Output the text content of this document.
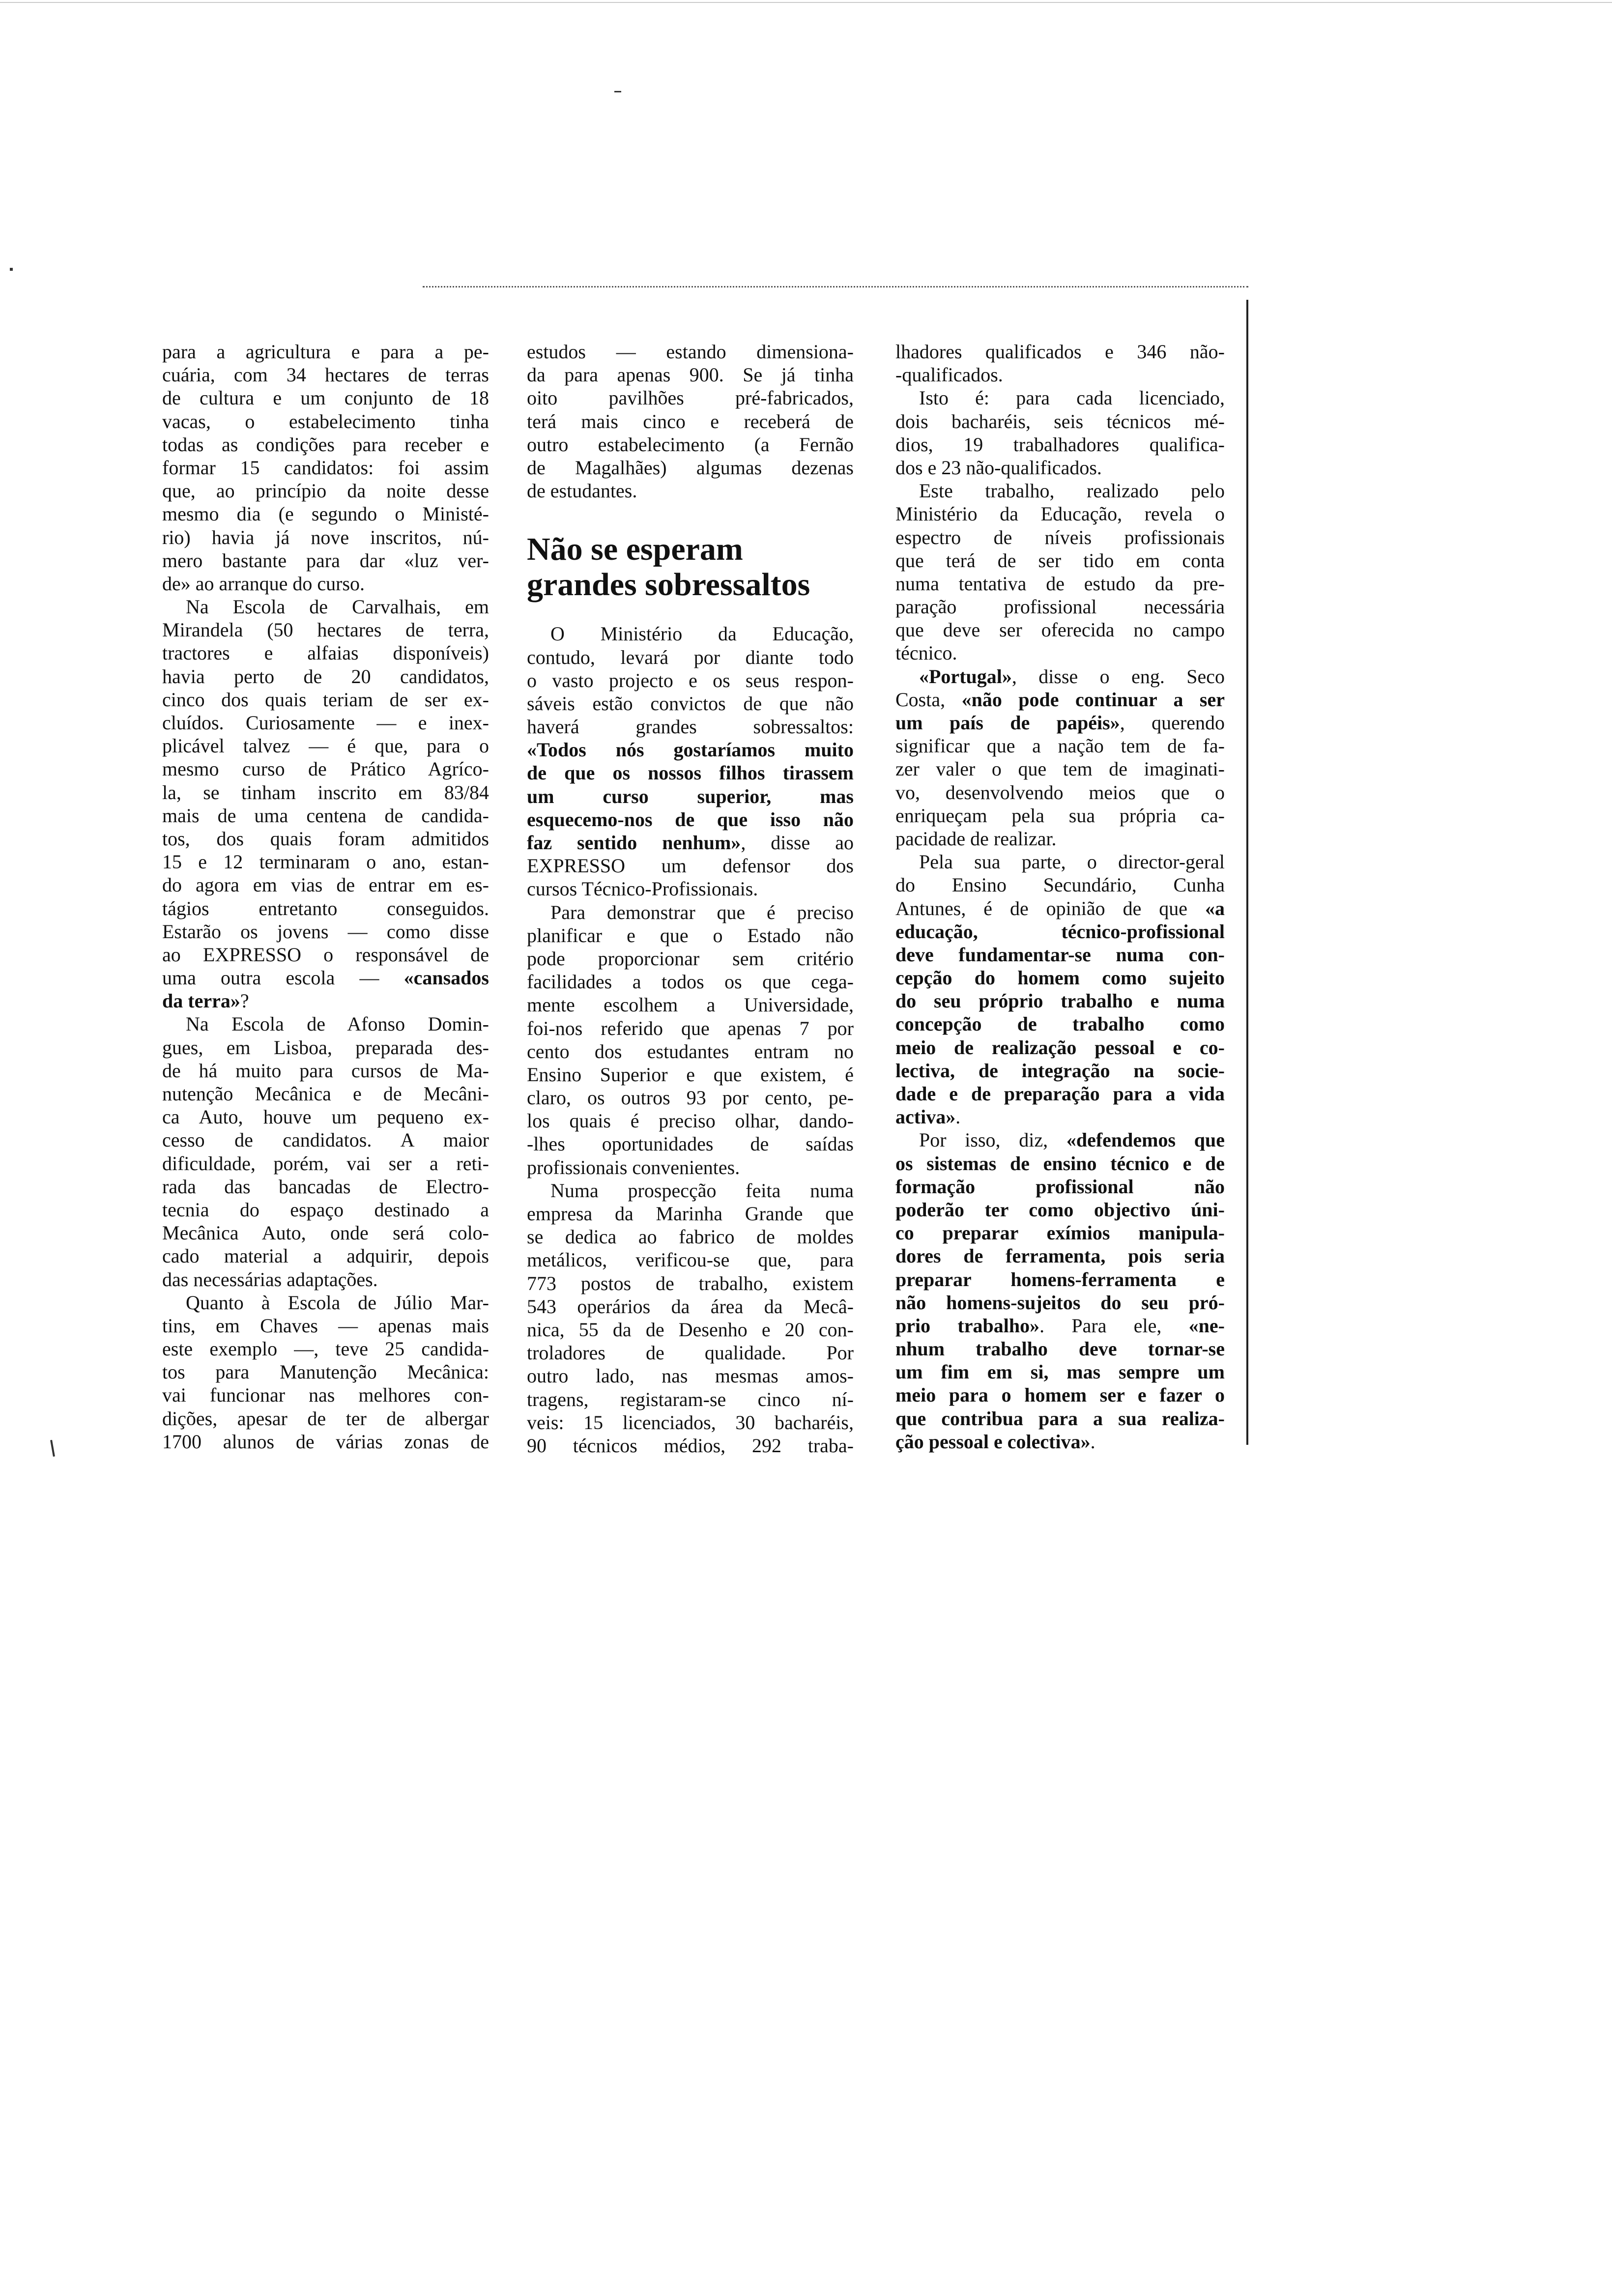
para a agricultura e para a pe-
cuária, com 34 hectares de terras
de cultura e um conjunto de 18
vacas, o estabelecimento tinha
todas as condições para receber e
formar 15 candidatos: foi assim
que, ao princípio da noite desse
mesmo dia (e segundo o Ministé-
rio) havia já nove inscritos, nú-
mero bastante para dar «luz ver-
de» ao arranque do curso.
Na Escola de Carvalhais, em
Mirandela (50 hectares de terra,
tractores e alfaias disponíveis)
havia perto de 20 candidatos,
cinco dos quais teriam de ser ex-
cluídos. Curiosamente — e inex-
plicável talvez — é que, para o
mesmo curso de Prático Agríco-
la, se tinham inscrito em 83/84
mais de uma centena de candida-
tos, dos quais foram admitidos
15 e 12 terminaram o ano, estan-
do agora em vias de entrar em es-
tágios entretanto conseguidos.
Estarão os jovens — como disse
ao EXPRESSO o responsável de
uma outra escola — «cansados
da terra»?
Na Escola de Afonso Domin-
gues, em Lisboa, preparada des-
de há muito para cursos de Ma-
nutenção Mecânica e de Mecâni-
ca Auto, houve um pequeno ex-
cesso de candidatos. A maior
dificuldade, porém, vai ser a reti-
rada das bancadas de Electro-
tecnia do espaço destinado a
Mecânica Auto, onde será colo-
cado material a adquirir, depois
das necessárias adaptações.
Quanto à Escola de Júlio Mar-
tins, em Chaves — apenas mais
este exemplo —, teve 25 candida-
tos para Manutenção Mecânica:
vai funcionar nas melhores con-
dições, apesar de ter de albergar
1700 alunos de várias zonas de
estudos — estando dimensiona-
da para apenas 900. Se já tinha
oito pavilhões pré-fabricados,
terá mais cinco e receberá de
outro estabelecimento (a Fernão
de Magalhães) algumas dezenas
de estudantes.
Não se esperam
grandes sobressaltos
O Ministério da Educação,
contudo, levará por diante todo
o vasto projecto e os seus respon-
sáveis estão convictos de que não
haverá grandes sobressaltos:
«Todos nós gostaríamos muito
de que os nossos filhos tirassem
um curso superior, mas
esquecemo-nos de que isso não
faz sentido nenhum», disse ao
EXPRESSO um defensor dos
cursos Técnico-Profissionais.
Para demonstrar que é preciso
planificar e que o Estado não
pode proporcionar sem critério
facilidades a todos os que cega-
mente escolhem a Universidade,
foi-nos referido que apenas 7 por
cento dos estudantes entram no
Ensino Superior e que existem, é
claro, os outros 93 por cento, pe-
los quais é preciso olhar, dando-
-lhes oportunidades de saídas
profissionais convenientes.
Numa prospecção feita numa
empresa da Marinha Grande que
se dedica ao fabrico de moldes
metálicos, verificou-se que, para
773 postos de trabalho, existem
543 operários da área da Mecâ-
nica, 55 da de Desenho e 20 con-
troladores de qualidade. Por
outro lado, nas mesmas amos-
tragens, registaram-se cinco ní-
veis: 15 licenciados, 30 bacharéis,
90 técnicos médios, 292 traba-
lhadores qualificados e 346 não-
-qualificados.
Isto é: para cada licenciado,
dois bacharéis, seis técnicos mé-
dios, 19 trabalhadores qualifica-
dos e 23 não-qualificados.
Este trabalho, realizado pelo
Ministério da Educação, revela o
espectro de níveis profissionais
que terá de ser tido em conta
numa tentativa de estudo da pre-
paração profissional necessária
que deve ser oferecida no campo
técnico.
«Portugal», disse o eng. Seco
Costa, «não pode continuar a ser
um país de papéis», querendo
significar que a nação tem de fa-
zer valer o que tem de imaginati-
vo, desenvolvendo meios que o
enriqueçam pela sua própria ca-
pacidade de realizar.
Pela sua parte, o director-geral
do Ensino Secundário, Cunha
Antunes, é de opinião de que «a
educação, técnico-profissional
deve fundamentar-se numa con-
cepção do homem como sujeito
do seu próprio trabalho e numa
concepção de trabalho como
meio de realização pessoal e co-
lectiva, de integração na socie-
dade e de preparação para a vida
activa».
Por isso, diz, «defendemos que
os sistemas de ensino técnico e de
formação profissional não
poderão ter como objectivo úni-
co preparar exímios manipula-
dores de ferramenta, pois seria
preparar homens-ferramenta e
não homens-sujeitos do seu pró-
prio trabalho». Para ele, «ne-
nhum trabalho deve tornar-se
um fim em si, mas sempre um
meio para o homem ser e fazer o
que contribua para a sua realiza-
ção pessoal e colectiva».
